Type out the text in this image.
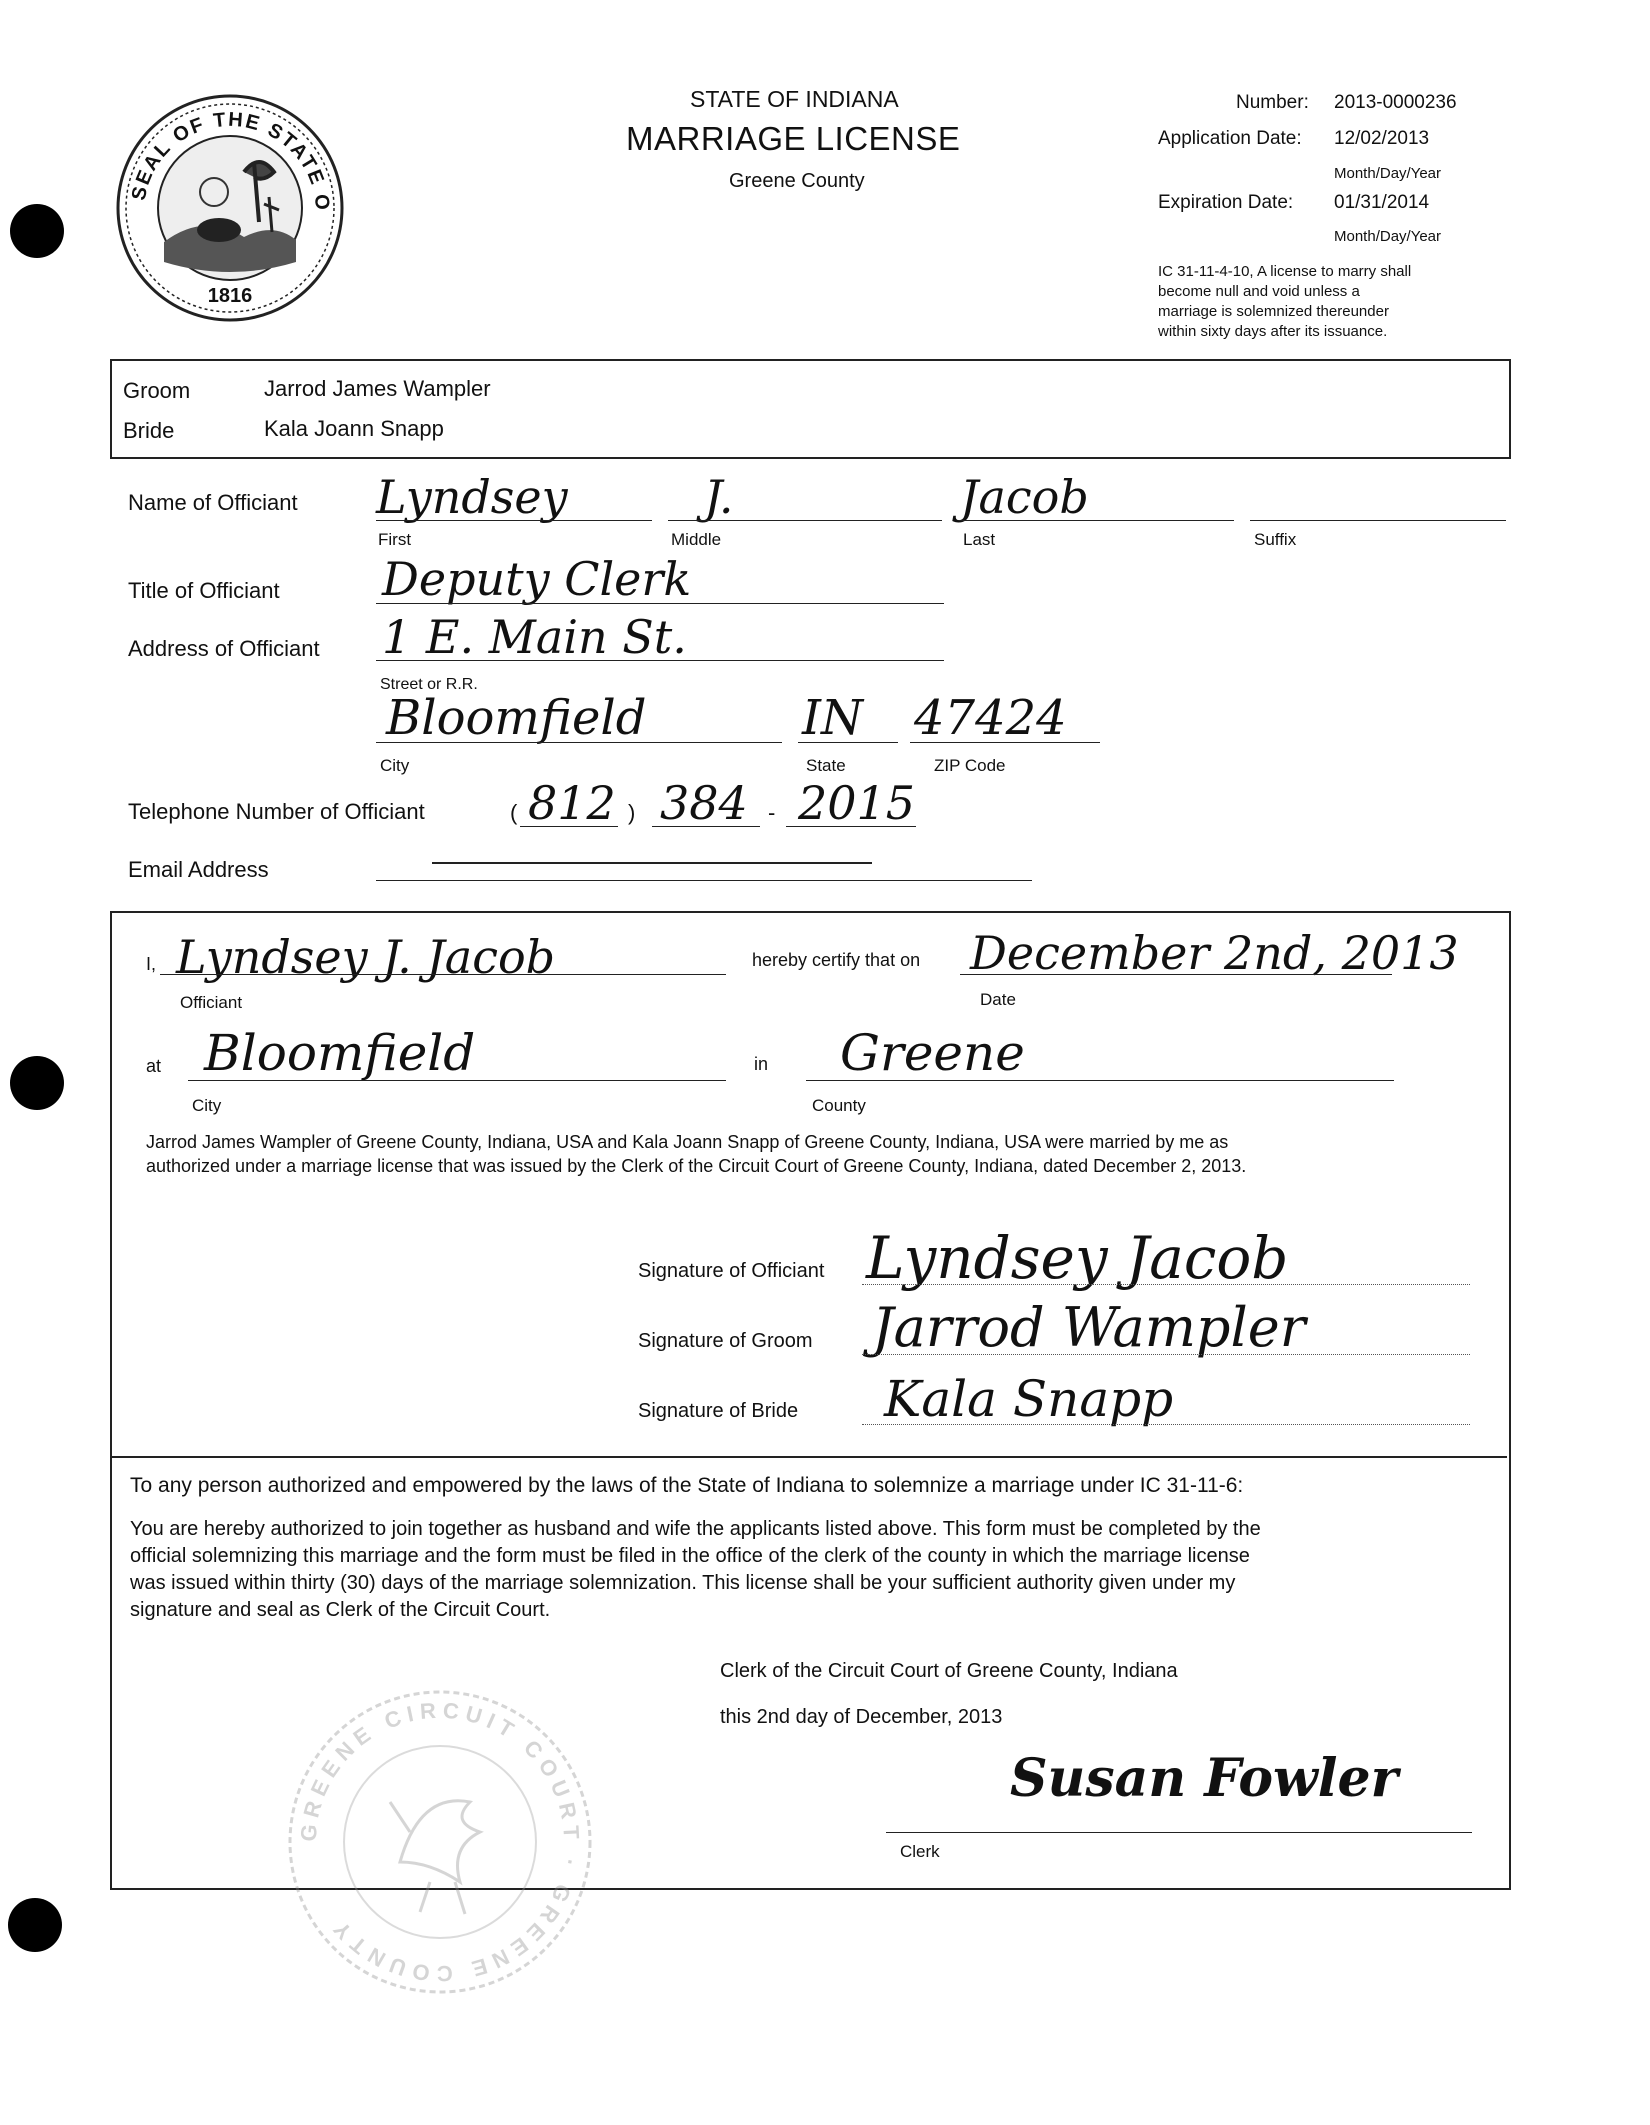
SEAL OF THE STATE O
1816
STATE OF INDIANA
MARRIAGE LICENSE
Greene County
Number: 2013-0000236
Application Date: 12/02/2013
Month/Day/Year
Expiration Date: 01/31/2014
Month/Day/Year
IC 31-11-4-10, A license to marry shall
become null and void unless a
marriage is solemnized thereunder
within sixty days after its issuance.
Groom	Jarrod James Wampler
Bride	Kala Joann Snapp
Name of Officiant Lyndsey
First
J.
Middle
Jacob
Last	Suffix
Title of Officiant Deputy Clerk
Address of Officiant 1 E. Main St.
Street or R.R.
Bloomfield
City
IN
State
47424
ZIP Code
Telephone Number of Officiant	( 812 ) 384 - 2015
Email Address
I, Lyndsey J. Jacob
Officiant
hereby certify that on December 2nd, 2013
Date
at Bloomfield
City
in Greene
County
Jarrod James Wampler of Greene County, Indiana, USA and Kala Joann Snapp of Greene County, Indiana, USA were married by me as
authorized under a marriage license that was issued by the Clerk of the Circuit Court of Greene County, Indiana, dated December 2, 2013.
Signature of Officiant Lyndsey Jacob
Signature of Groom Jarrod Wampler
Signature of Bride Kala Snapp
To any person authorized and empowered by the laws of the State of Indiana to solemnize a marriage under IC 31-11-6:
You are hereby authorized to join together as husband and wife the applicants listed above. This form must be completed by the
official solemnizing this marriage and the form must be filed in the office of the clerk of the county in which the marriage license
was issued within thirty (30) days of the marriage solemnization. This license shall be your sufficient authority given under my
signature and seal as Clerk of the Circuit Court.
Clerk of the Circuit Court of Greene County, Indiana
this 2nd day of December, 2013
Susan Fowler
Clerk
GREENE CIRCUIT COURT · GREENE COUNTY
